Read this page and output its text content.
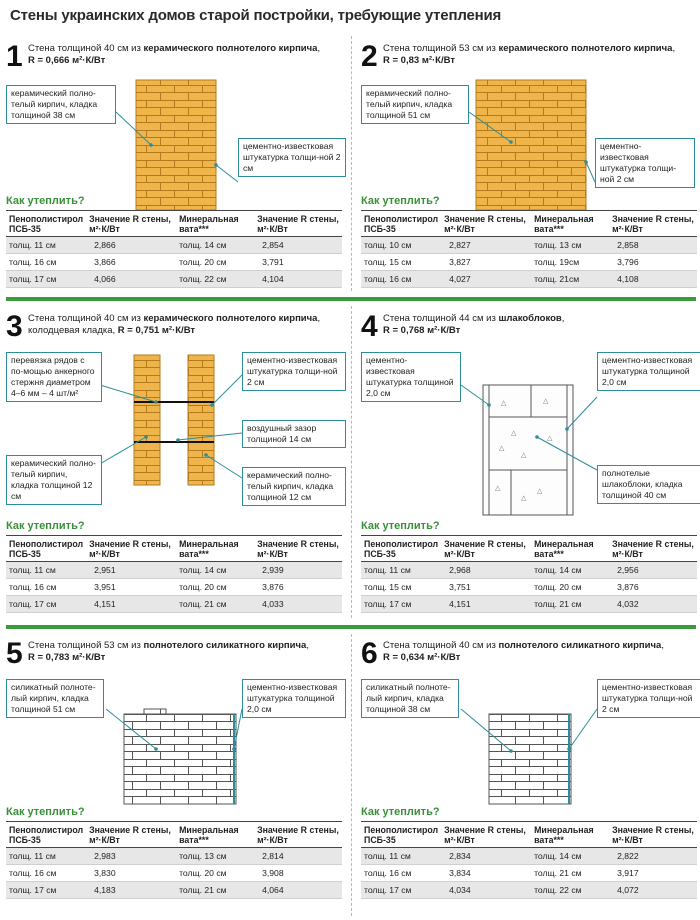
Стены украинских домов старой постройки, требующие утепления
1 Стена толщиной 40 см из керамического полнотелого кирпича,
R = 0,666 м²·К/Вт
керамический полно-телый кирпич, кладка толщиной 38 см
цементно-известковая штукатурка толщи-ной 2 см
Как утеплить?
Пенополистирол ПСБ-35	Значение R стены, м²·К/Вт	Минеральная вата***	Значение R стены, м²·К/Вт
толщ. 11 см	2,866	толщ. 14 см	2,854
толщ. 16 см	3,866	толщ. 20 см	3,791
толщ. 17 см	4,066	толщ. 22 см	4,104
2 Стена толщиной 53 см из керамического полнотелого кирпича,
R = 0,83 м²·К/Вт
керамический полно-телый кирпич, кладка толщиной 51 см
цементно-известковая штукатурка толщи-ной 2 см
Как утеплить?
Пенополистирол ПСБ-35	Значение R стены, м²·К/Вт	Минеральная вата***	Значение R стены, м²·К/Вт
толщ. 10 см	2,827	толщ. 13 см	2,858
толщ. 15 см	3,827	толщ. 19см	3,796
толщ. 16 см	4,027	толщ. 21см	4,108
3 Стена толщиной 40 см из керамического полнотелого кирпича, колодцевая кладка, R = 0,751 м²·К/Вт
перевязка рядов с по-мощью анкерного стержня диаметром 4–6 мм – 4 шт/м²
керамический полно-телый кирпич, кладка толщиной 12 см
цементно-известковая штукатурка толщи-ной 2 см
воздушный зазор толщиной 14 см
керамический полно-телый кирпич, кладка толщиной 12 см
Как утеплить?
Пенополистирол ПСБ-35	Значение R стены, м²·К/Вт	Минеральная вата***	Значение R стены, м²·К/Вт
толщ. 11 см	2,951	толщ. 14 см	2,939
толщ. 16 см	3,951	толщ. 20 см	3,876
толщ. 17 см	4,151	толщ. 21 см	4,033
4 Стена толщиной 44 см из шлакоблоков,
R = 0,768 м²·К/Вт
△	△
△
△
△
△
△
△
△
цементно-известковая штукатурка толщиной 2,0 см
цементно-известковая штукатурка толщиной 2,0 см
полнотелые шлакоблоки, кладка толщиной 40 см
Как утеплить?
Пенополистирол ПСБ-35	Значение R стены, м²·К/Вт	Минеральная вата***	Значение R стены, м²·К/Вт
толщ. 11 см	2,968	толщ. 14 см	2,956
толщ. 15 см	3,751	толщ. 20 см	3,876
толщ. 17 см	4,151	толщ. 21 см	4,032
5 Стена толщиной 53 см из полнотелого силикатного кирпича,
R = 0,783 м²·К/Вт
силикатный полноте-лый кирпич, кладка толщиной 51 см
цементно-известковая штукатурка толщиной 2,0 см
Как утеплить?
Пенополистирол ПСБ-35	Значение R стены, м²·К/Вт	Минеральная вата***	Значение R стены, м²·К/Вт
толщ. 11 см	2,983	толщ. 13 см	2,814
толщ. 16 см	3,830	толщ. 20 см	3,908
толщ. 17 см	4,183	толщ. 21 см	4,064
6 Стена толщиной 40 см из полнотелого силикатного кирпича,
R = 0,634 м²·К/Вт
силикатный полноте-лый кирпич, кладка толщиной 38 см
цементно-известковая штукатурка толщи-ной 2 см
Как утеплить?
Пенополистирол ПСБ-35	Значение R стены, м²·К/Вт	Минеральная вата***	Значение R стены, м²·К/Вт
толщ. 11 см	2,834	толщ. 14 см	2,822
толщ. 16 см	3,834	толщ. 21 см	3,917
толщ. 17 см	4,034	толщ. 22 см	4,072
